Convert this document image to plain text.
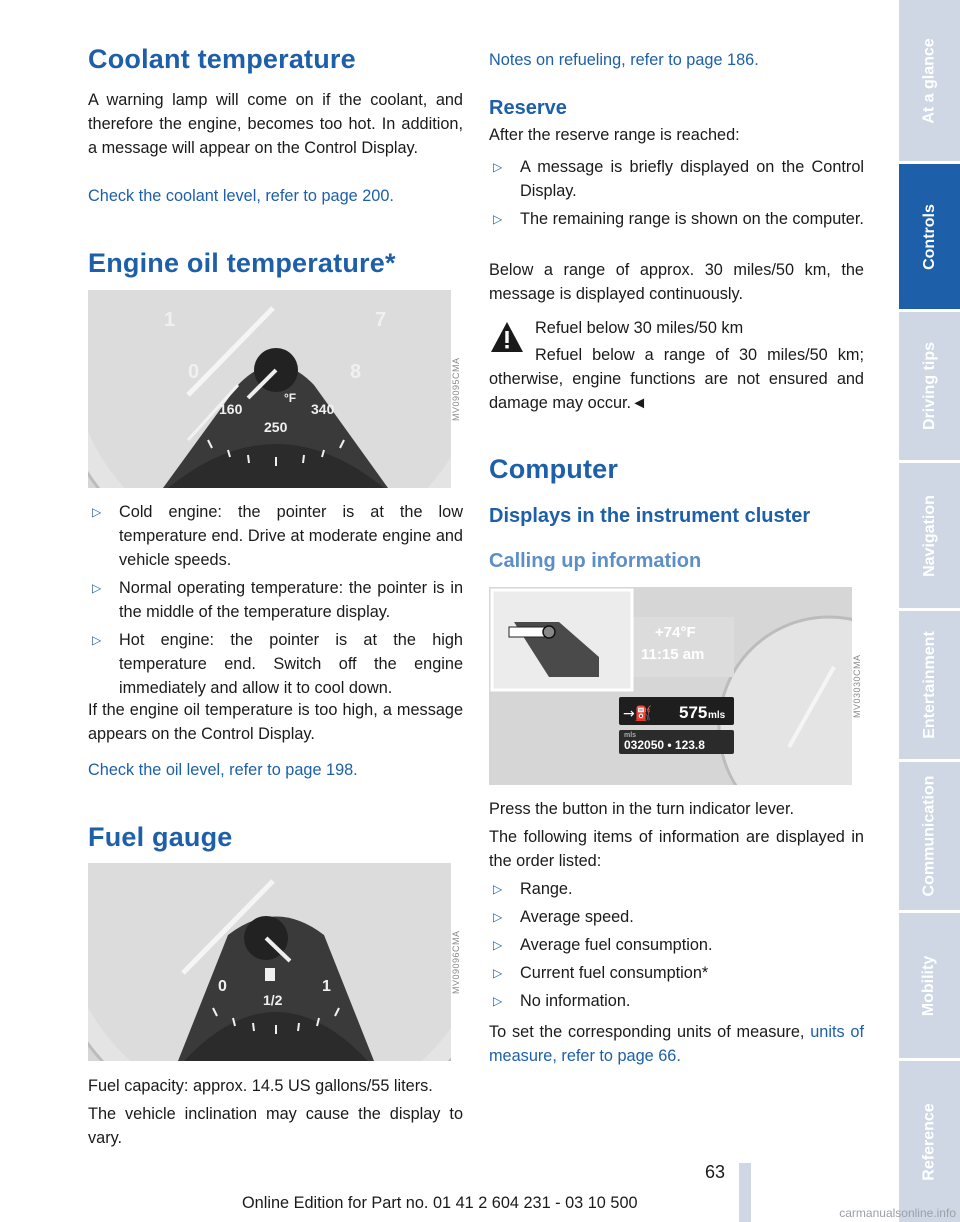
Coolant temperature

A warning lamp will come on if the coolant, and therefore the engine, becomes too hot. In addition, a message will appear on the Control Display.

Check the coolant level, refer to page 200.

Engine oil temperature*
1	7
0	8
160	340
250
°F	MV09095CMA
▷ Cold engine: the pointer is at the low temperature end. Drive at moderate engine and vehicle speeds.
▷ Normal operating temperature: the pointer is in the middle of the temperature display.
▷ Hot engine: the pointer is at the high temperature end. Switch off the engine immediately and allow it to cool down.

If the engine oil temperature is too high, a message appears on the Control Display.

Check the oil level, refer to page 198.

Fuel gauge
0
1/2
1	MV09096CMA

Fuel capacity: approx. 14.5 US gallons/55 liters.

The vehicle inclination may cause the display to vary.

Notes on refueling, refer to page 186.

Reserve

After the reserve range is reached:

▷ A message is briefly displayed on the Control Display.
▷ The remaining range is shown on the computer.

Below a range of approx. 30 miles/50 km, the message is displayed continuously.

Refuel below 30 miles/50 km

Refuel below a range of 30 miles/50 km; otherwise, engine functions are not ensured and damage may occur.◄

Computer
Displays in the instrument cluster
Calling up information
+74°F
11:15 am
575 mls
032050 • 123.8
mls
→⛽	MV03030CMA

Press the button in the turn indicator lever.

The following items of information are displayed in the order listed:

▷ Range.
▷ Average speed.
▷ Average fuel consumption.
▷ Current fuel consumption*
▷ No information.

To set the corresponding units of measure, units of measure, refer to page 66.

At a glance
Controls
Driving tips
Navigation
Entertainment
Communication
Mobility
Reference
63
Online Edition for Part no. 01 41 2 604 231 - 03 10 500
carmanualsonline.info
